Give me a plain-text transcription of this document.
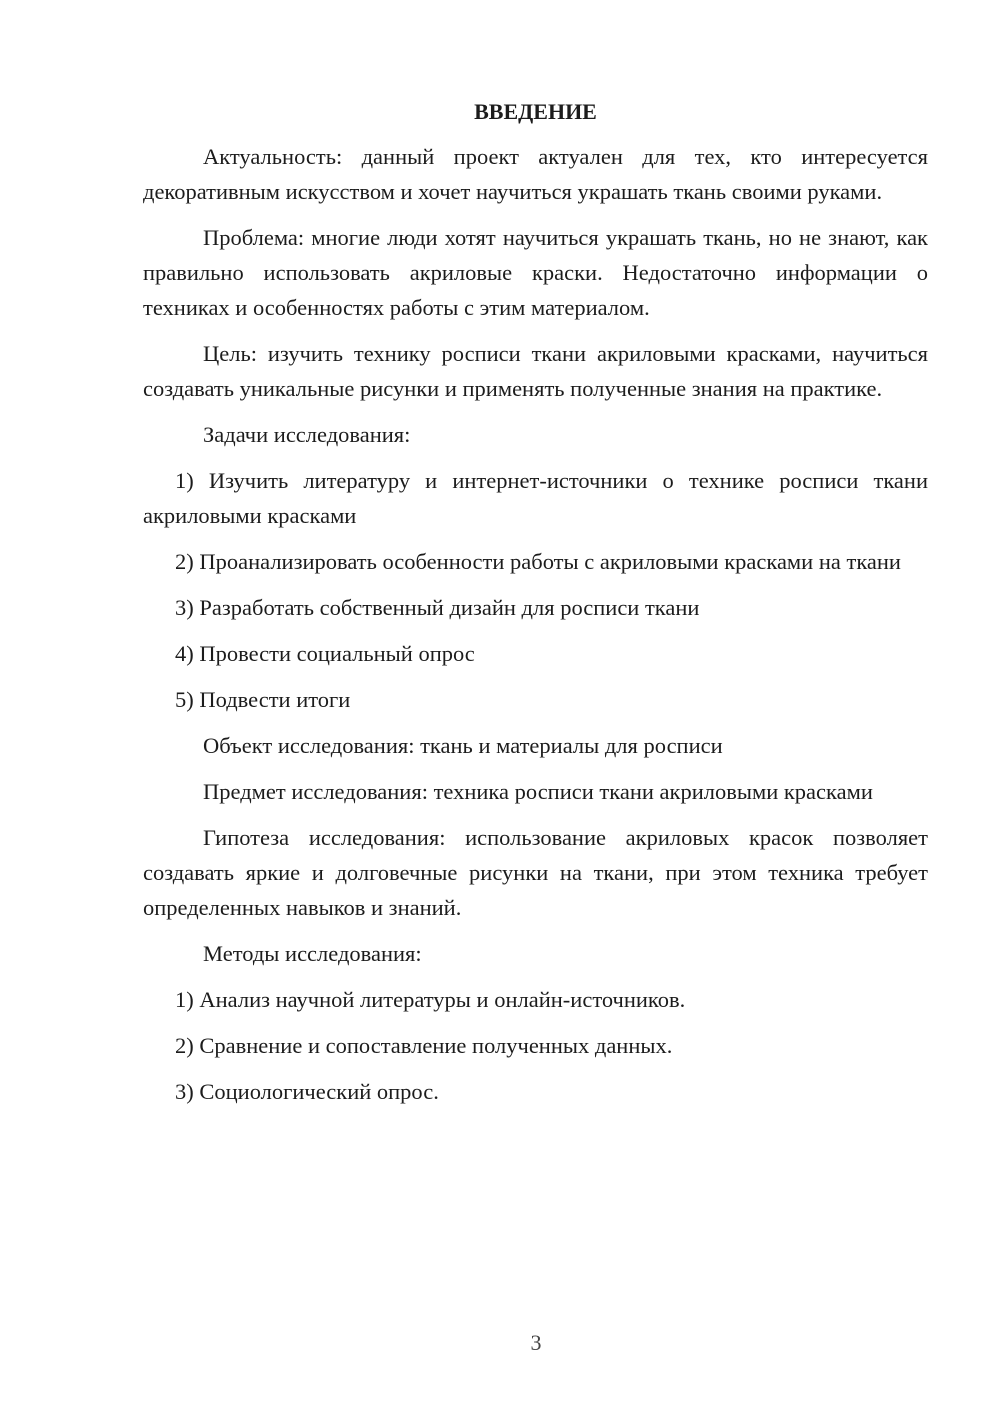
ВВЕДЕНИЕ
Актуальность: данный проект актуален для тех, кто интересуется декоративным искусством и хочет научиться украшать ткань своими руками.
Проблема: многие люди хотят научиться украшать ткань, но не знают, как правильно использовать акриловые краски. Недостаточно информации о техниках и особенностях работы с этим материалом.
Цель: изучить технику росписи ткани акриловыми красками, научиться создавать уникальные рисунки и применять полученные знания на практике.
Задачи исследования:
1) Изучить литературу и интернет-источники о технике росписи ткани акриловыми красками
2) Проанализировать особенности работы с акриловыми красками на ткани
3) Разработать собственный дизайн для росписи ткани
4) Провести социальный опрос
5) Подвести итоги
Объект исследования: ткань и материалы для росписи
Предмет исследования: техника росписи ткани акриловыми красками
Гипотеза исследования: использование акриловых красок позволяет создавать яркие и долговечные рисунки на ткани, при этом техника требует определенных навыков и знаний.
Методы исследования:
1) Анализ научной литературы и онлайн-источников.
2) Сравнение и сопоставление полученных данных.
3) Социологический опрос.
3
